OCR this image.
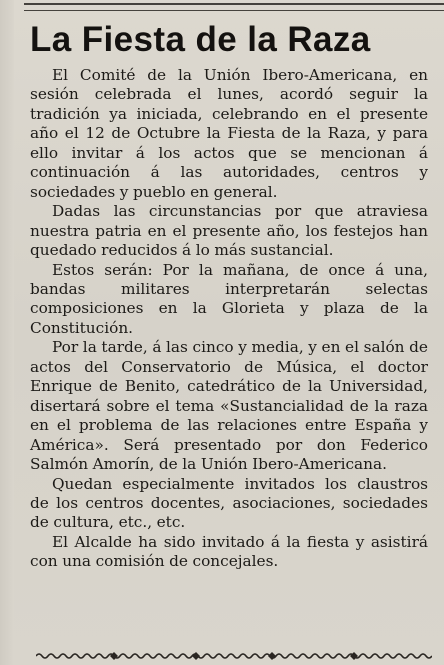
La Fiesta de la Raza

El Comité de la Unión Ibero-Americana, en sesión celebrada el lunes, acordó seguir la tradición ya iniciada, celebrando en el presente año el 12 de Octubre la Fiesta de la Raza, y para ello invitar á los actos que se mencionan á continuación á las autoridades, centros y sociedades y pueblo en general.

Dadas las circunstancias por que atraviesa nuestra patria en el presente año, los festejos han quedado reducidos á lo más sustancial.

Estos serán: Por la mañana, de once á una, bandas militares interpretarán selectas composiciones en la Glorieta y plaza de la Constitución.

Por la tarde, á las cinco y media, y en el salón de actos del Conservatorio de Música, el doctor Enrique de Benito, catedrático de la Universidad, disertará sobre el tema «Sustancialidad de la raza en el problema de las relaciones entre España y América». Será presentado por don Federico Salmón Amorín, de la Unión Ibero-Americana.

Quedan especialmente invitados los claustros de los centros docentes, asociaciones, sociedades de cultura, etc., etc.

El Alcalde ha sido invitado á la fiesta y asistirá con una comisión de concejales.
